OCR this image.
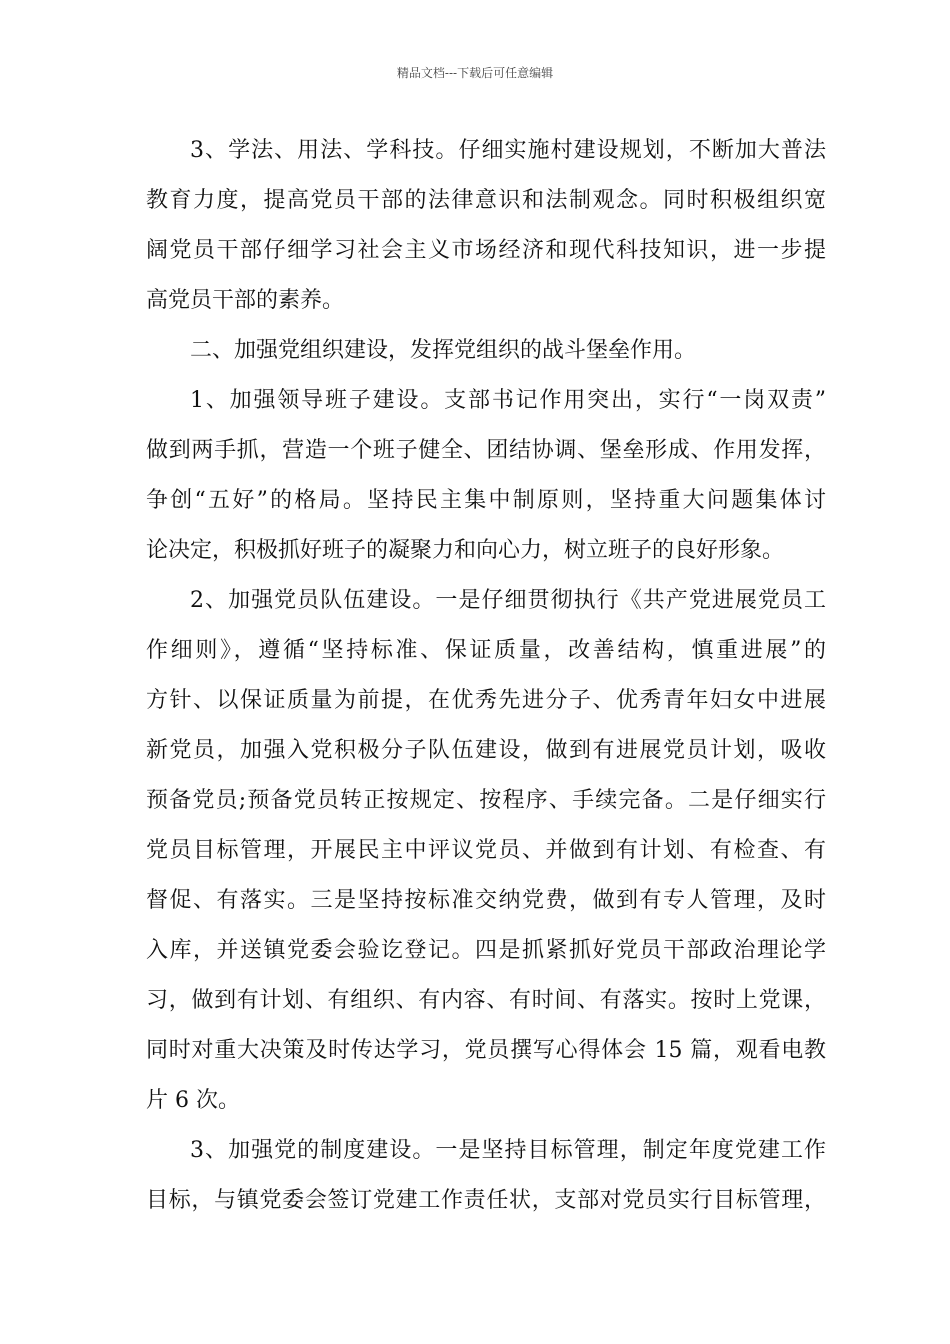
精品文档---下载后可任意编辑
3、学法、用法、学科技。仔细实施村建设规划，不断加大普法
教育力度，提高党员干部的法律意识和法制观念。同时积极组织宽
阔党员干部仔细学习社会主义市场经济和现代科技知识，进一步提
高党员干部的素养。
二、加强党组织建设，发挥党组织的战斗堡垒作用。
1、加强领导班子建设。支部书记作用突出，实行“一岗双责”
做到两手抓，营造一个班子健全、团结协调、堡垒形成、作用发挥，
争创“五好”的格局。坚持民主集中制原则，坚持重大问题集体讨
论决定，积极抓好班子的凝聚力和向心力，树立班子的良好形象。
2、加强党员队伍建设。一是仔细贯彻执行《共产党进展党员工
作细则》，遵循“坚持标准、保证质量，改善结构，慎重进展”的
方针、以保证质量为前提，在优秀先进分子、优秀青年妇女中进展
新党员，加强入党积极分子队伍建设，做到有进展党员计划，吸收
预备党员;预备党员转正按规定、按程序、手续完备。二是仔细实行
党员目标管理，开展民主中评议党员、并做到有计划、有检查、有
督促、有落实。三是坚持按标准交纳党费，做到有专人管理，及时
入库，并送镇党委会验讫登记。四是抓紧抓好党员干部政治理论学
习，做到有计划、有组织、有内容、有时间、有落实。按时上党课，
同时对重大决策及时传达学习，党员撰写心得体会 15 篇，观看电教
片 6 次。
3、加强党的制度建设。一是坚持目标管理，制定年度党建工作
目标，与镇党委会签订党建工作责任状，支部对党员实行目标管理，
